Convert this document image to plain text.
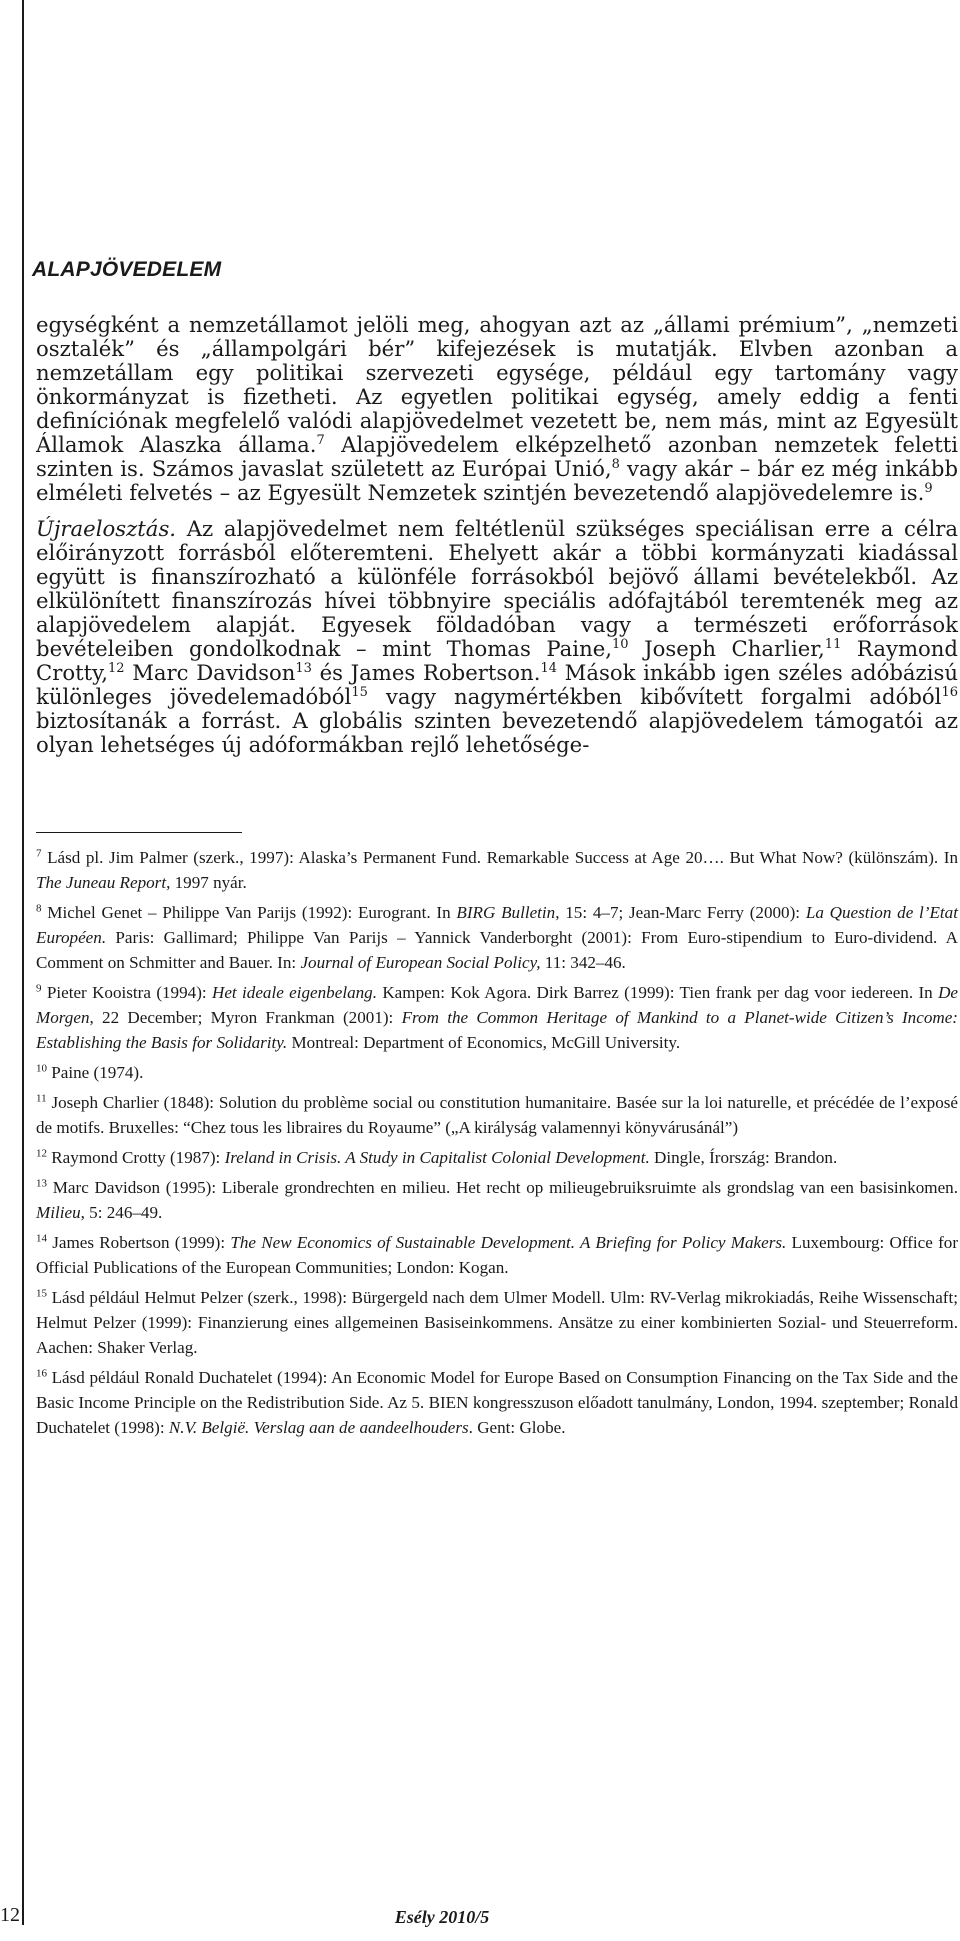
ALAPJÖVEDELEM

egységként a nemzetállamot jelöli meg, ahogyan azt az „állami prémium”, „nemzeti osztalék” és „állampolgári bér” kifejezések is mutatják. Elvben azonban a nemzetállam egy politikai szervezeti egysége, például egy tartomány vagy önkormányzat is fizetheti. Az egyetlen politikai egység, amely eddig a fenti definíciónak megfelelő valódi alapjövedelmet vezetett be, nem más, mint az Egyesült Államok Alaszka állama.$^7$ Alapjövedelem elképzelhető azonban nemzetek feletti szinten is. Számos javaslat született az Európai Unió,$^8$ vagy akár – bár ez még inkább elméleti felvetés – az Egyesült Nemzetek szintjén bevezetendő alapjövedelemre is.$^9$

Újraelosztás. Az alapjövedelmet nem feltétlenül szükséges speciálisan erre a célra előirányzott forrásból előteremteni. Ehelyett akár a többi kormányzati kiadással együtt is finanszírozható a különféle forrásokból bejövő állami bevételekből. Az elkülönített finanszírozás hívei többnyire speciális adófajtából teremtenék meg az alapjövedelem alapját. Egyesek földadóban vagy a természeti erőforrások bevételeiben gondolkodnak – mint Thomas Paine,$^{10}$ Joseph Charlier,$^{11}$ Raymond Crotty,$^{12}$ Marc Davidson$^{13}$ és James Robertson.$^{14}$ Mások inkább igen széles adóbázisú különleges jövedelemadóból$^{15}$ vagy nagymértékben kibővített forgalmi adóból$^{16}$ biztosítanák a forrást. A globális szinten bevezetendő alapjövedelem támogatói az olyan lehetséges új adóformákban rejlő lehetősége-

$^7$ Lásd pl. Jim Palmer (szerk., 1997): Alaska’s Permanent Fund. Remarkable Success at Age 20…. But What Now? (különszám). In The Juneau Report, 1997 nyár.

$^8$ Michel Genet – Philippe Van Parijs (1992): Eurogrant. In BIRG Bulletin, 15: 4–7; Jean-Marc Ferry (2000): La Question de l’Etat Européen. Paris: Gallimard; Philippe Van Parijs – Yannick Vanderborght (2001): From Euro-stipendium to Euro-dividend. A Comment on Schmitter and Bauer. In: Journal of European Social Policy, 11: 342–46.

$^9$ Pieter Kooistra (1994): Het ideale eigenbelang. Kampen: Kok Agora. Dirk Barrez (1999): Tien frank per dag voor iedereen. In De Morgen, 22 December; Myron Frankman (2001): From the Common Heritage of Mankind to a Planet-wide Citizen’s Income: Establishing the Basis for Solidarity. Montreal: Department of Economics, McGill University.

$^{10}$ Paine (1974).

$^{11}$ Joseph Charlier (1848): Solution du problème social ou constitution humanitaire. Basée sur la loi naturelle, et précédée de l’exposé de motifs. Bruxelles: “Chez tous les libraires du Royaume” („A királyság valamennyi könyvárusánál”)

$^{12}$ Raymond Crotty (1987): Ireland in Crisis. A Study in Capitalist Colonial Development. Dingle, Írország: Brandon.

$^{13}$ Marc Davidson (1995): Liberale grondrechten en milieu. Het recht op milieugebruiksruimte als grondslag van een basisinkomen. Milieu, 5: 246–49.

$^{14}$ James Robertson (1999): The New Economics of Sustainable Development. A Briefing for Policy Makers. Luxembourg: Office for Official Publications of the European Communities; London: Kogan.

$^{15}$ Lásd például Helmut Pelzer (szerk., 1998): Bürgergeld nach dem Ulmer Modell. Ulm: RV-Verlag mikrokiadás, Reihe Wissenschaft; Helmut Pelzer (1999): Finanzierung eines allgemeinen Basiseinkommens. Ansätze zu einer kombinierten Sozial- und Steuerreform. Aachen: Shaker Verlag.

$^{16}$ Lásd például Ronald Duchatelet (1994): An Economic Model for Europe Based on Consumption Financing on the Tax Side and the Basic Income Principle on the Redistribution Side. Az 5. BIEN kongresszuson előadott tanulmány, London, 1994. szeptember; Ronald Duchatelet (1998): N.V. België. Verslag aan de aandeelhouders. Gent: Globe.

12	Esély 2010/5
